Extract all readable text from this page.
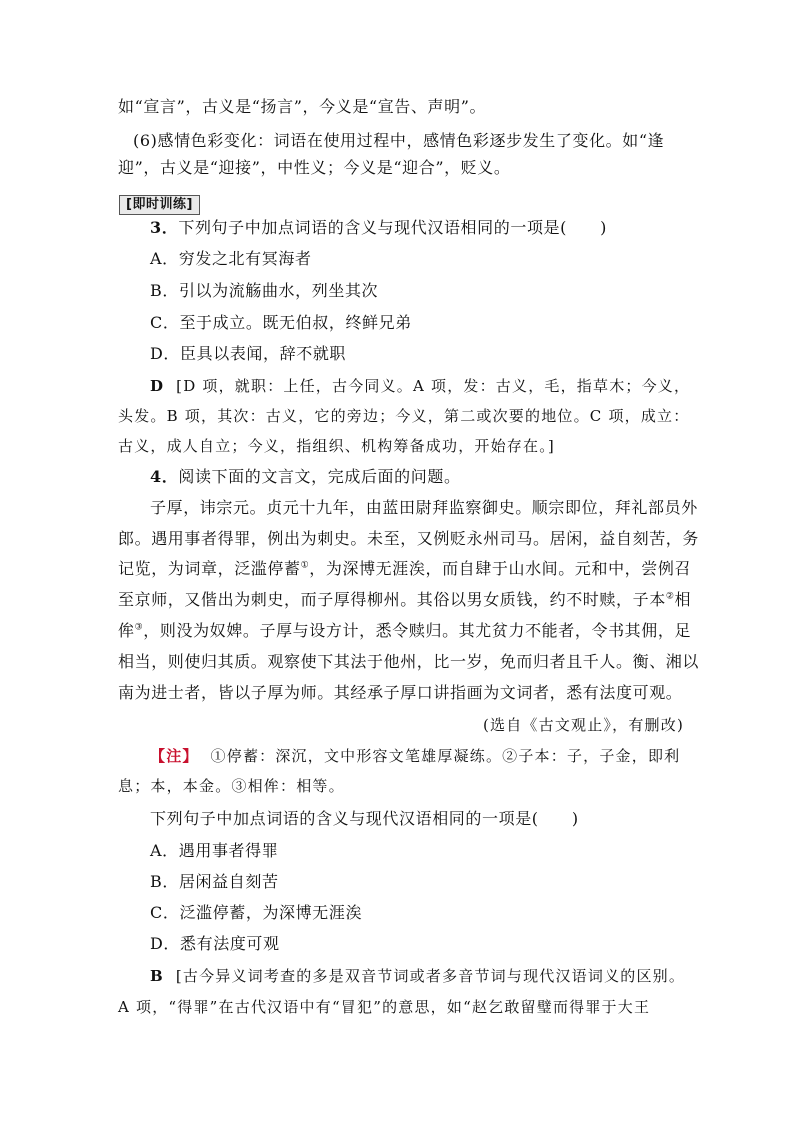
如“宣言”，古义是“扬言”，今义是“宣告、声明”。
(6)感情色彩变化：词语在使用过程中，感情色彩逐步发生了变化。如“逢
迎”，古义是“迎接”，中性义；今义是“迎合”，贬义。
[即时训练]
3．下列句子中加点词语的含义与现代汉语相同的一项是(　　)
A．穷发之北有冥海者
B．引以为流觞曲水，列坐其次
C．至于成立。既无伯叔，终鲜兄弟
D．臣具以表闻，辞不就职
D [D 项，就职：上任，古今同义。A 项，发：古义，毛，指草木；今义，
头发。B 项，其次：古义，它的旁边；今义，第二或次要的地位。C 项，成立：
古义，成人自立；今义，指组织、机构筹备成功，开始存在。]
4．阅读下面的文言文，完成后面的问题。
子厚，讳宗元。贞元十九年，由蓝田尉拜监察御史。顺宗即位，拜礼部员外
郎。遇用事者得罪，例出为刺史。未至，又例贬永州司马。居闲，益自刻苦，务
记览，为词章，泛滥停蓄①，为深博无涯涘，而自肆于山水间。元和中，尝例召
至京师，又偕出为刺史，而子厚得柳州。其俗以男女质钱，约不时赎，子本②相
侔③，则没为奴婢。子厚与设方计，悉令赎归。其尤贫力不能者，令书其佣，足
相当，则使归其质。观察使下其法于他州，比一岁，免而归者且千人。衡、湘以
南为进士者，皆以子厚为师。其经承子厚口讲指画为文词者，悉有法度可观。
(选自《古文观止》，有删改)
【注】 ①停蓄：深沉，文中形容文笔雄厚凝练。②子本：子，子金，即利
息；本，本金。③相侔：相等。
下列句子中加点词语的含义与现代汉语相同的一项是(　　)
A．遇用事者得罪
B．居闲益自刻苦
C．泛滥停蓄，为深博无涯涘
D．悉有法度可观
B [古今异义词考查的多是双音节词或者多音节词与现代汉语词义的区别。
A 项，“得罪”在古代汉语中有“冒犯”的意思，如“赵乞敢留璧而得罪于大王
